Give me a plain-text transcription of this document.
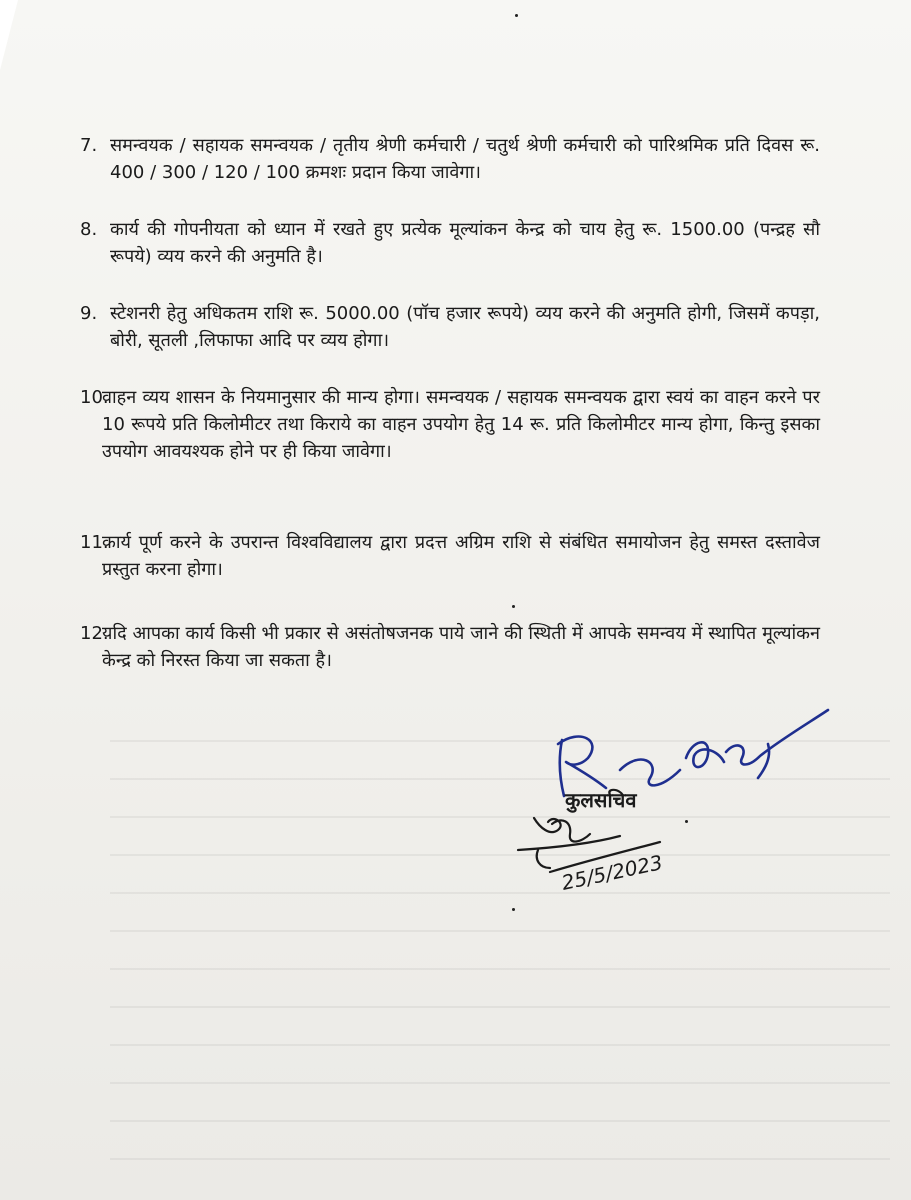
7. समन्वयक / सहायक समन्वयक / तृतीय श्रेणी कर्मचारी / चतुर्थ श्रेणी कर्मचारी को पारिश्रमिक प्रति दिवस रू. 400 / 300 / 120 / 100 क्रमशः प्रदान किया जावेगा।
8. कार्य की गोपनीयता को ध्यान में रखते हुए प्रत्येक मूल्यांकन केन्द्र को चाय हेतु रू. 1500.00 (पन्द्रह सौ रूपये) व्यय करने की अनुमति है।
9. स्टेशनरी हेतु अधिकतम राशि रू. 5000.00 (पॉच हजार रूपये) व्यय करने की अनुमति होगी, जिसमें कपड़ा, बोरी, सूतली ,लिफाफा आदि पर व्यय होगा।
10.
वाहन व्यय शासन के नियमानुसार की मान्य होगा। समन्वयक / सहायक समन्वयक द्वारा स्वयं का वाहन करने पर 10 रूपये प्रति किलोमीटर तथा किराये का वाहन उपयोग हेतु 14 रू. प्रति किलोमीटर मान्य होगा, किन्तु इसका उपयोग आवयश्यक होने पर ही किया जावेगा।
11.
कार्य पूर्ण करने के उपरान्त विश्वविद्यालय द्वारा प्रदत्त अग्रिम राशि से संबंधित समायोजन हेतु समस्त दस्तावेज प्रस्तुत करना होगा।
12.
यदि आपका कार्य किसी भी प्रकार से असंतोषजनक पाये जाने की स्थिती में आपके समन्वय में स्थापित मूल्यांकन केन्द्र को निरस्त किया जा सकता है।
25/5/2023
कुलसचिव
